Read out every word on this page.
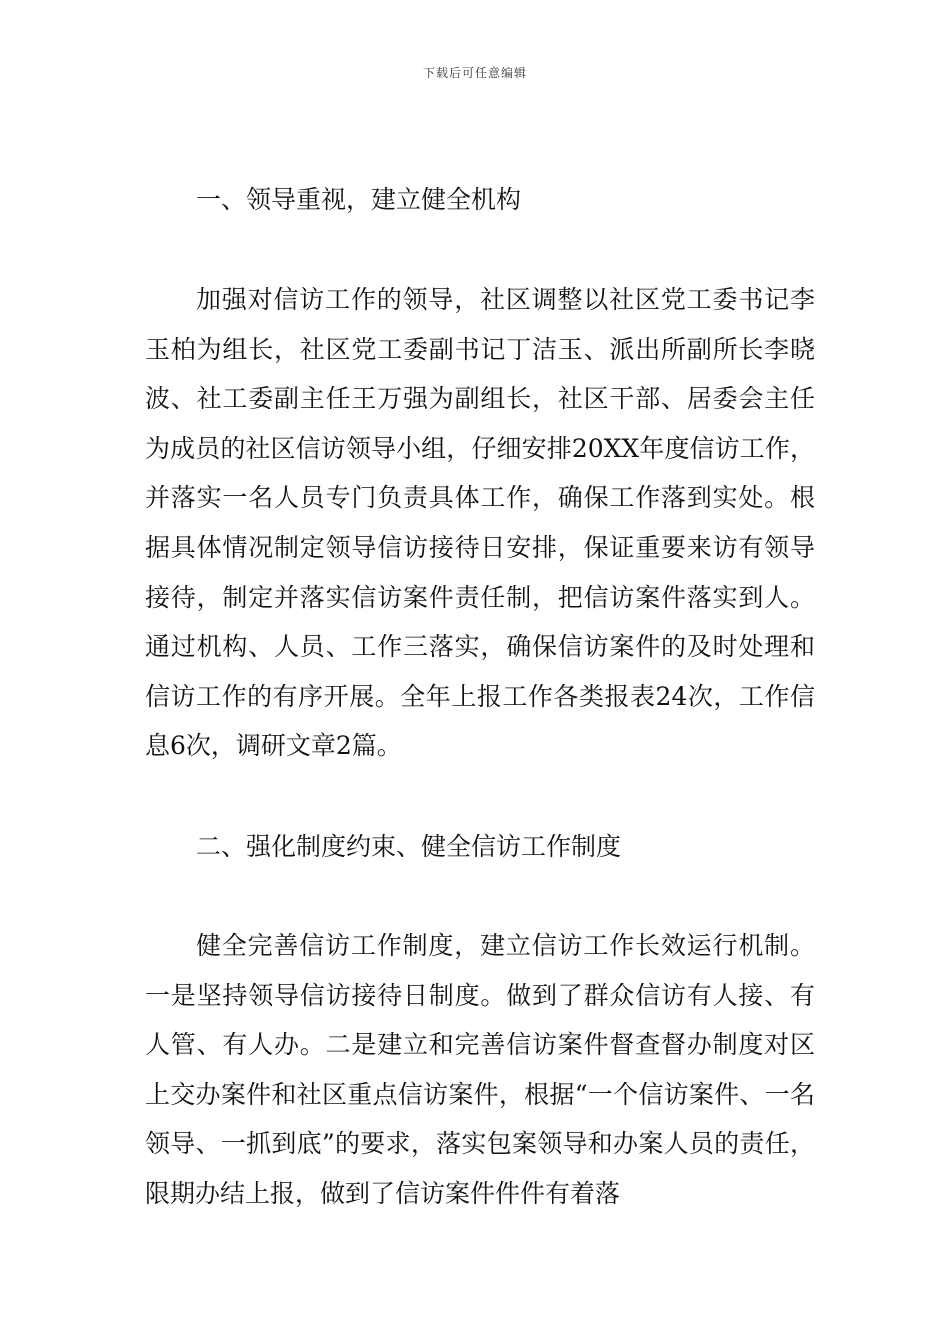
下载后可任意编辑
一、领导重视，建立健全机构
加强对信访工作的领导，社区调整以社区党工委书记李玉柏为组长，社区党工委副书记丁洁玉、派出所副所长李晓波、社工委副主任王万强为副组长，社区干部、居委会主任为成员的社区信访领导小组，仔细安排20XX年度信访工作，并落实一名人员专门负责具体工作，确保工作落到实处。根据具体情况制定领导信访接待日安排，保证重要来访有领导接待，制定并落实信访案件责任制，把信访案件落实到人。通过机构、人员、工作三落实，确保信访案件的及时处理和信访工作的有序开展。全年上报工作各类报表24次，工作信息6次，调研文章2篇。
二、强化制度约束、健全信访工作制度
健全完善信访工作制度，建立信访工作长效运行机制。一是坚持领导信访接待日制度。做到了群众信访有人接、有人管、有人办。二是建立和完善信访案件督查督办制度对区上交办案件和社区重点信访案件，根据“一个信访案件、一名领导、一抓到底”的要求，落实包案领导和办案人员的责任，限期办结上报，做到了信访案件件件有着落
